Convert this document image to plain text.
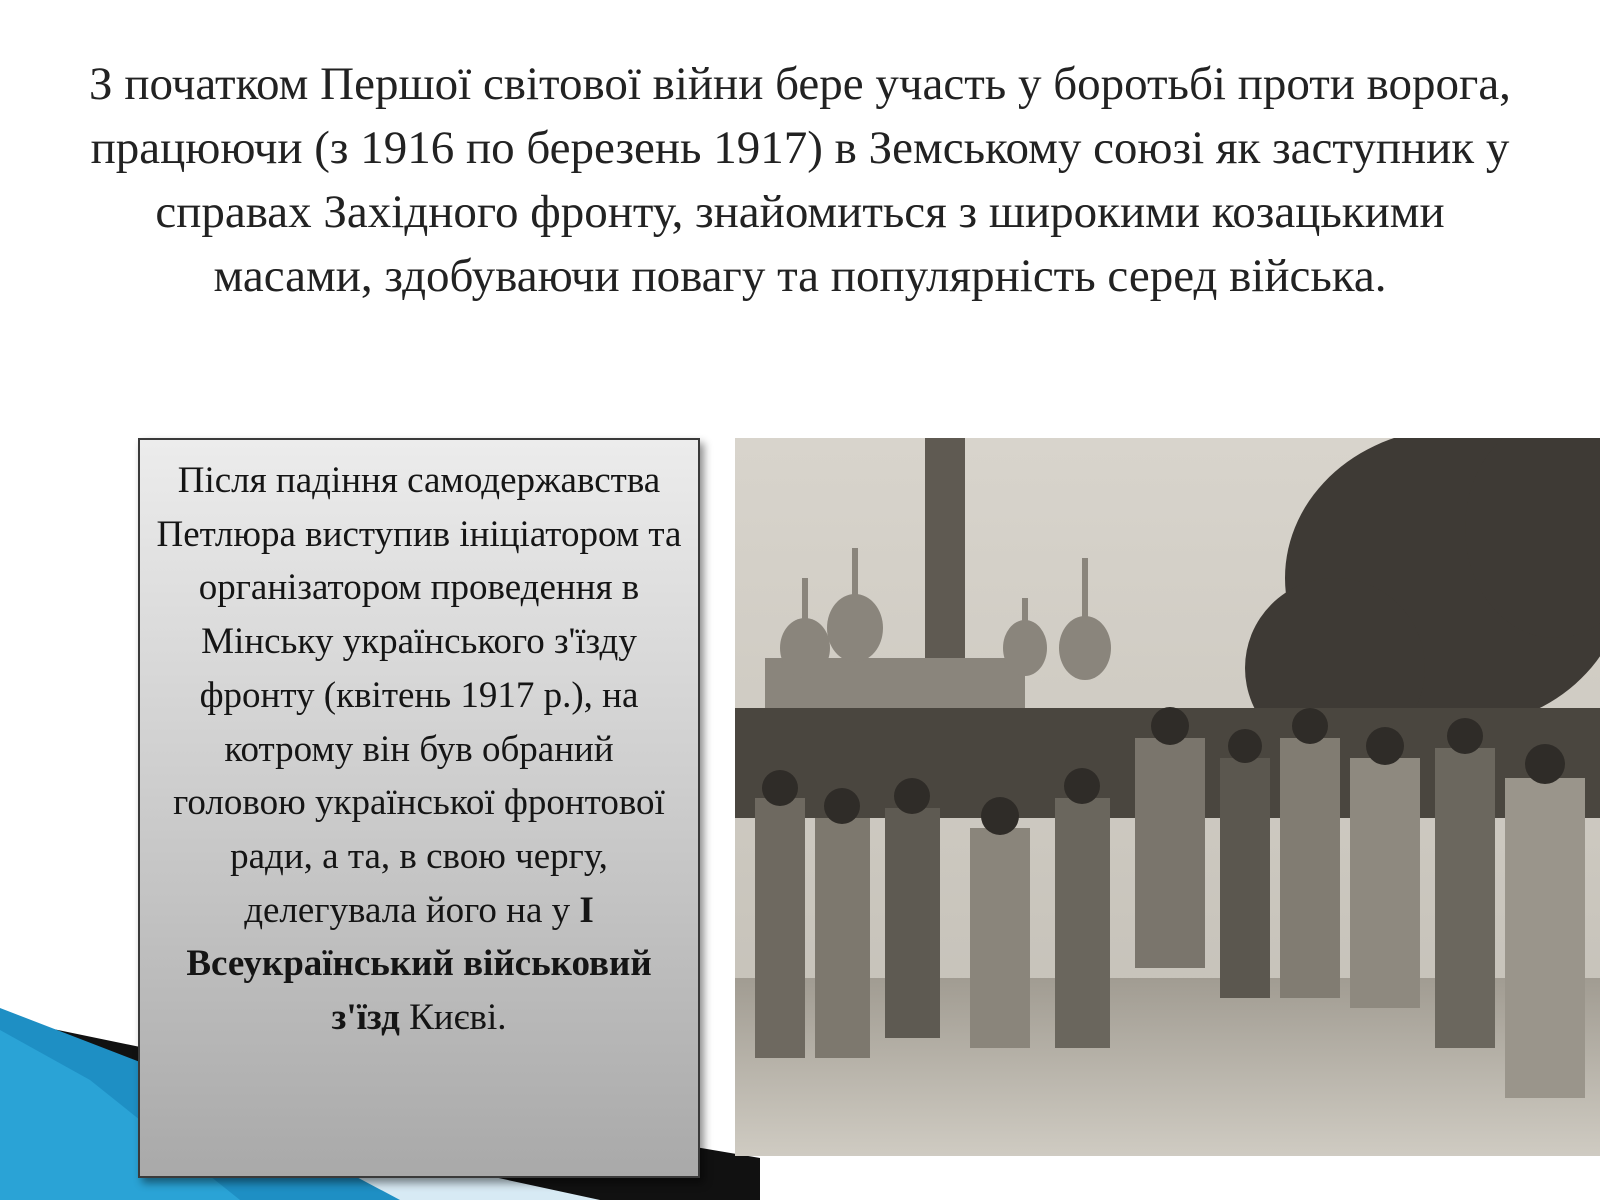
З початком Першої світової війни бере участь у боротьбі проти ворога, працюючи (з 1916 по березень 1917) в Земському союзі як заступник у справах Західного фронту, знайомиться з широкими козацькими масами, здобуваючи повагу та популярність серед війська.
Після падіння самодержавства Петлюра виступив ініціатором та організатором проведення в Мінську українського з'їзду фронту (квітень 1917 р.), на котрому він був обраний головою української фронтової ради, а та, в свою чергу, делегувала його на у І Всеукраїнський військовий з'їзд Києві.
